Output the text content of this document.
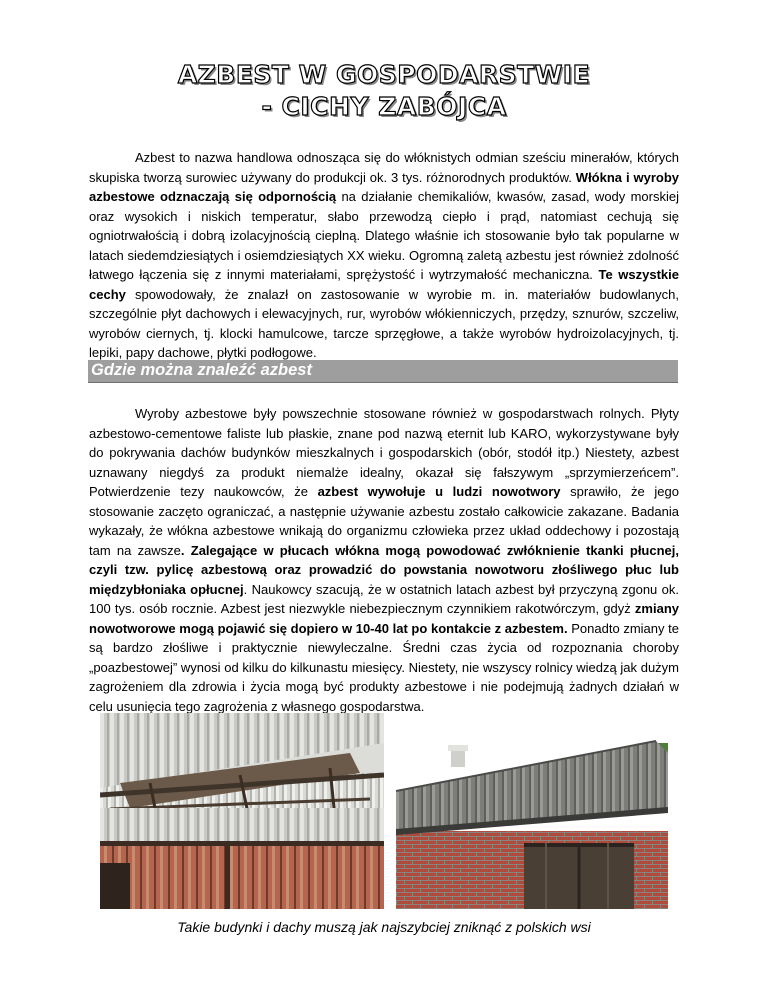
AZBEST W GOSPODARSTWIE
- CICHY ZABÓJCA

Azbest to nazwa handlowa odnosząca się do włóknistych odmian sześciu minerałów, których skupiska tworzą surowiec używany do produkcji ok. 3 tys. różnorodnych produktów. Włókna i wyroby azbestowe odznaczają się odpornością na działanie chemikaliów, kwasów, zasad, wody morskiej oraz wysokich i niskich temperatur, słabo przewodzą ciepło i prąd, natomiast cechują się ogniotrwałością i dobrą izolacyjnością cieplną. Dlatego właśnie ich stosowanie było tak popularne w latach siedemdziesiątych i osiemdziesiątych XX wieku. Ogromną zaletą azbestu jest również zdolność łatwego łączenia się z innymi materiałami, sprężystość i wytrzymałość mechaniczna. Te wszystkie cechy spowodowały, że znalazł on zastosowanie w wyrobie m. in. materiałów budowlanych, szczególnie płyt dachowych i elewacyjnych, rur, wyrobów włókienniczych, przędzy, sznurów, szczeliw, wyrobów ciernych, tj. klocki hamulcowe, tarcze sprzęgłowe, a także wyrobów hydroizolacyjnych, tj. lepiki, papy dachowe, płytki podłogowe.

Gdzie można znaleźć azbest

Wyroby azbestowe były powszechnie stosowane również w gospodarstwach rolnych. Płyty azbestowo-cementowe faliste lub płaskie, znane pod nazwą eternit lub KARO, wykorzystywane były do pokrywania dachów budynków mieszkalnych i gospodarskich (obór, stodół itp.) Niestety, azbest uznawany niegdyś za produkt niemalże idealny, okazał się fałszywym „sprzymierzeńcem”. Potwierdzenie tezy naukowców, że azbest wywołuje u ludzi nowotwory sprawiło, że jego stosowanie zaczęto ograniczać, a następnie używanie azbestu zostało całkowicie zakazane. Badania wykazały, że włókna azbestowe wnikają do organizmu człowieka przez układ oddechowy i pozostają tam na zawsze. Zalegające w płucach włókna mogą powodować zwłóknienie tkanki płucnej, czyli tzw. pylicę azbestową oraz prowadzić do powstania nowotworu złośliwego płuc lub międzybłoniaka opłucnej. Naukowcy szacują, że w ostatnich latach azbest był przyczyną zgonu ok. 100 tys. osób rocznie. Azbest jest niezwykle niebezpiecznym czynnikiem rakotwórczym, gdyż zmiany nowotworowe mogą pojawić się dopiero w 10-40 lat po kontakcie z azbestem. Ponadto zmiany te są bardzo złośliwe i praktycznie niewyleczalne. Średni czas życia od rozpoznania choroby „poazbestowej” wynosi od kilku do kilkunastu miesięcy. Niestety, nie wszyscy rolnicy wiedzą jak dużym zagrożeniem dla zdrowia i życia mogą być produkty azbestowe i nie podejmują żadnych działań w celu usunięcia tego zagrożenia z własnego gospodarstwa.

Takie budynki i dachy muszą jak najszybciej zniknąć z polskich wsi
